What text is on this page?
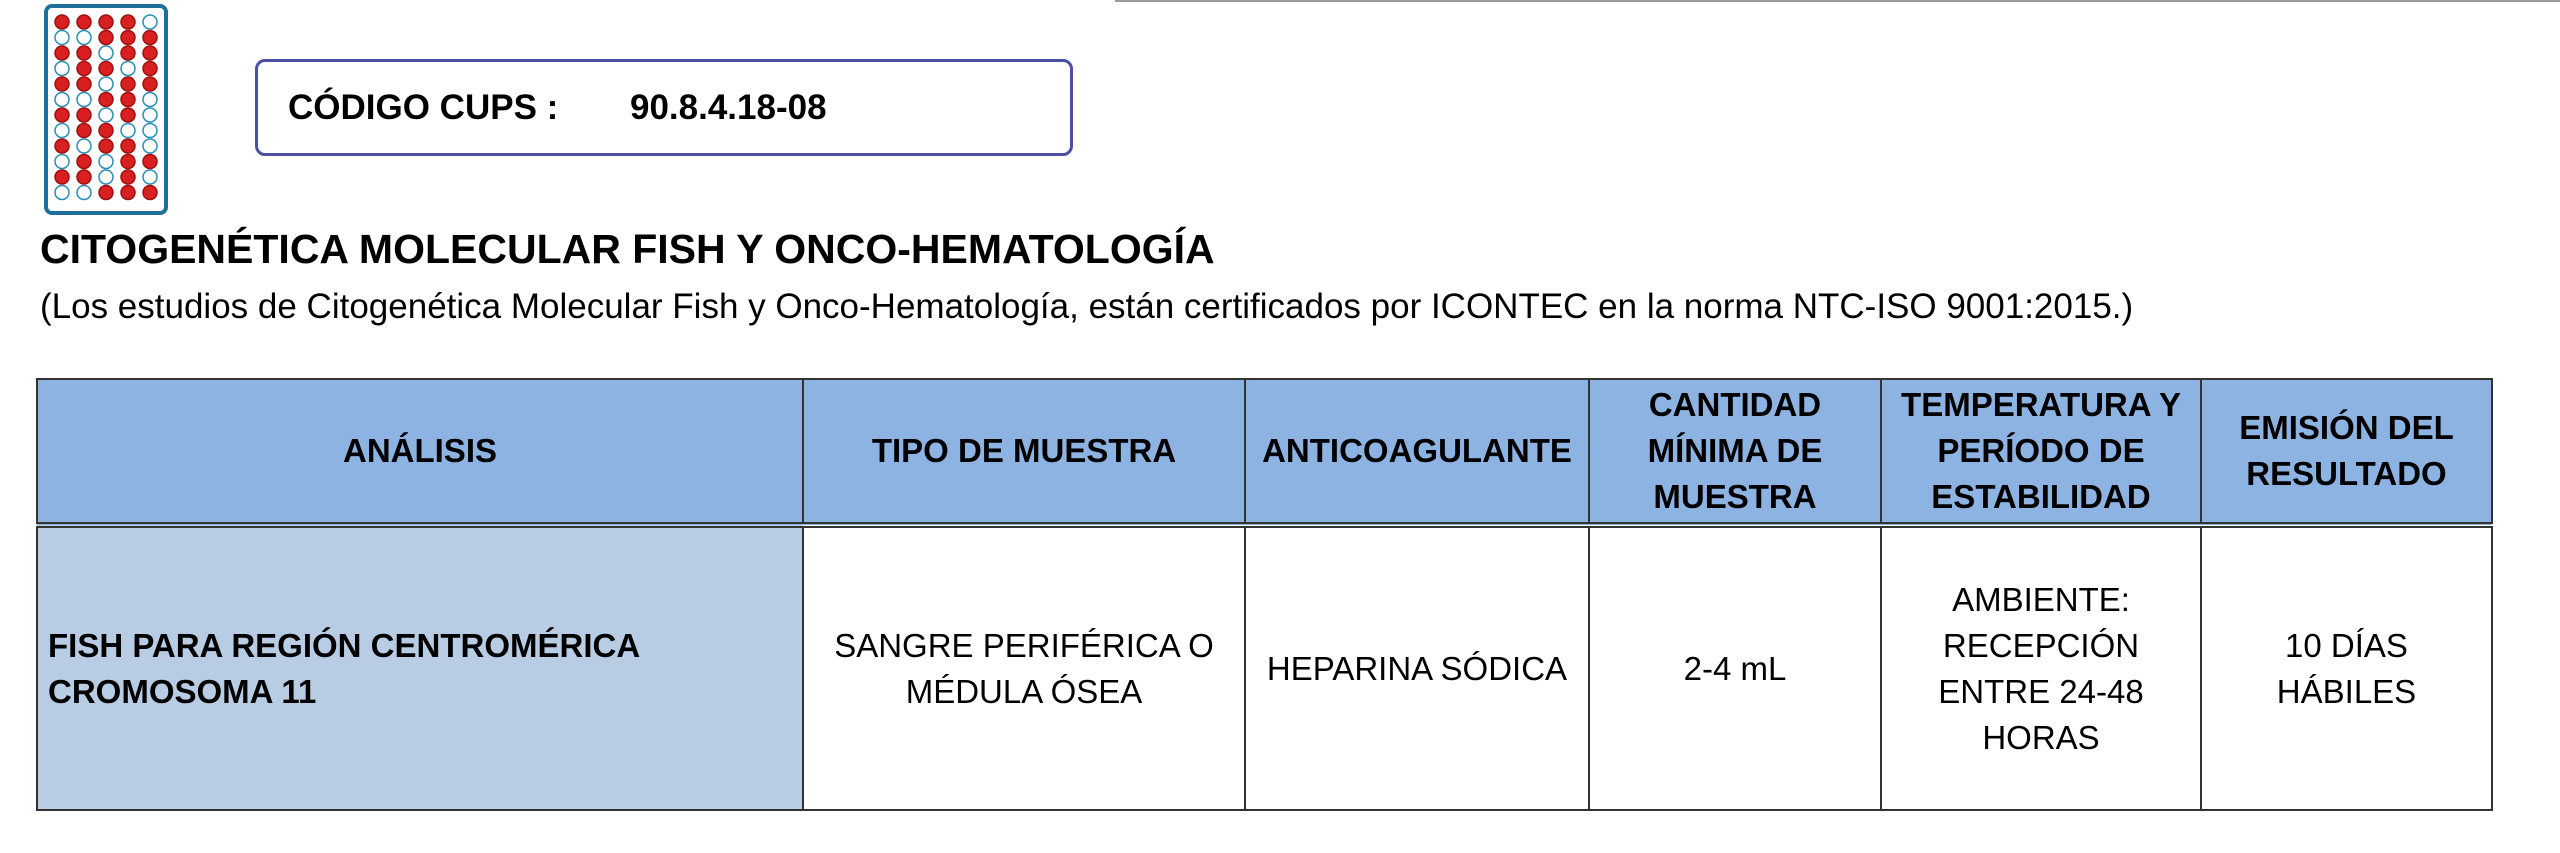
CÓDIGO CUPS : 90.8.4.18-08
CITOGENÉTICA MOLECULAR FISH Y ONCO-HEMATOLOGÍA
(Los estudios de Citogenética Molecular Fish y Onco-Hematología, están certificados por ICONTEC en la norma NTC-ISO 9001:2015.)
ANÁLISIS	TIPO DE MUESTRA	ANTICOAGULANTE	CANTIDAD MÍNIMA DE MUESTRA	TEMPERATURA Y PERÍODO DE ESTABILIDAD	EMISIÓN DEL RESULTADO
FISH PARA REGIÓN CENTROMÉRICA CROMOSOMA 11	SANGRE PERIFÉRICA O MÉDULA ÓSEA	HEPARINA SÓDICA	2-4 mL	AMBIENTE: RECEPCIÓN ENTRE 24-48 HORAS	10 DÍAS HÁBILES
